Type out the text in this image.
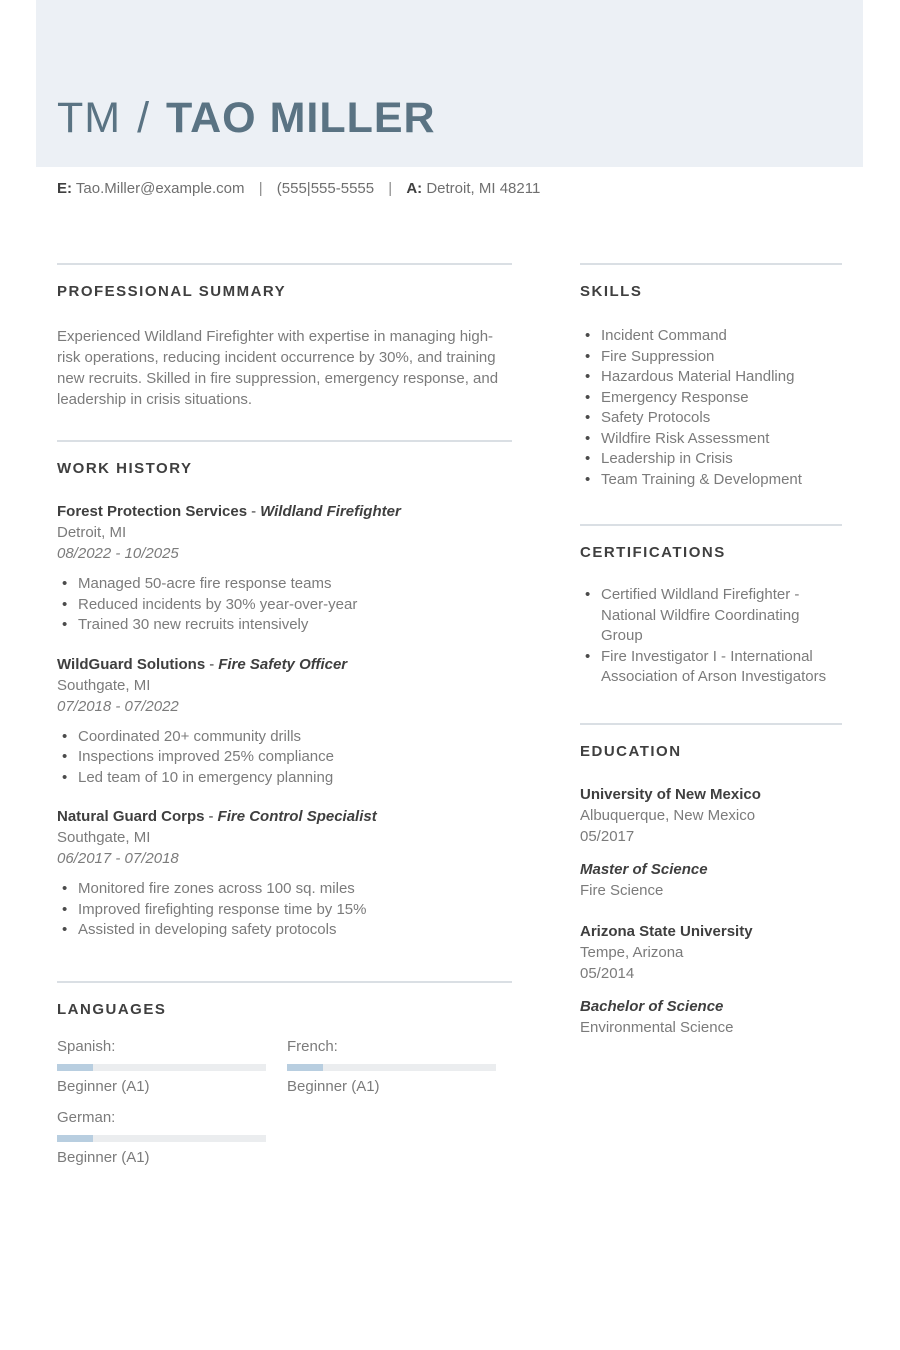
TM / TAO MILLER
E: Tao.Miller@example.com | (555|555-5555 | A: Detroit, MI 48211
PROFESSIONAL SUMMARY

Experienced Wildland Firefighter with expertise in managing high-risk operations, reducing incident occurrence by 30%, and training new recruits. Skilled in fire suppression, emergency response, and leadership in crisis situations.

WORK HISTORY
Forest Protection Services - Wildland Firefighter
Detroit, MI
08/2022 - 10/2025
• Managed 50-acre fire response teams
• Reduced incidents by 30% year-over-year
• Trained 30 new recruits intensively
WildGuard Solutions - Fire Safety Officer
Southgate, MI
07/2018 - 07/2022
• Coordinated 20+ community drills
• Inspections improved 25% compliance
• Led team of 10 in emergency planning
Natural Guard Corps - Fire Control Specialist
Southgate, MI
06/2017 - 07/2018
• Monitored fire zones across 100 sq. miles
• Improved firefighting response time by 15%
• Assisted in developing safety protocols
LANGUAGES
Spanish:
Beginner (A1)
French:
Beginner (A1)
German:
Beginner (A1)
SKILLS
• Incident Command
• Fire Suppression
• Hazardous Material Handling
• Emergency Response
• Safety Protocols
• Wildfire Risk Assessment
• Leadership in Crisis
• Team Training & Development
CERTIFICATIONS
• Certified Wildland Firefighter - National Wildfire Coordinating Group
• Fire Investigator I - International Association of Arson Investigators
EDUCATION
University of New Mexico
Albuquerque, New Mexico
05/2017
Master of Science
Fire Science
Arizona State University
Tempe, Arizona
05/2014
Bachelor of Science
Environmental Science
